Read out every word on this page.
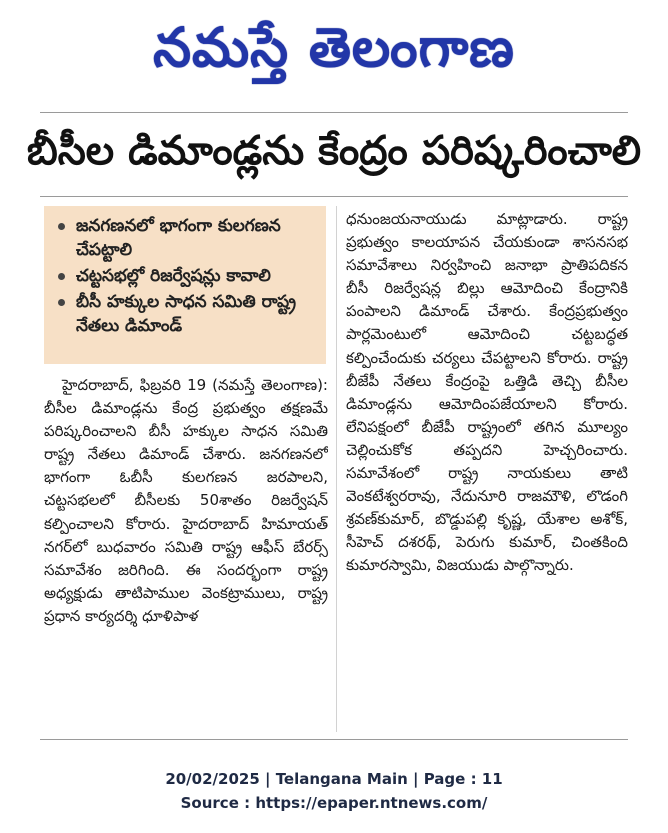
నమస్తే తెలంగాణ
బీసీల డిమాండ్లను కేంద్రం పరిష్కరించాలి
జనగణనలో భాగంగా కులగణన చేపట్టాలి
చట్టసభల్లో రిజర్వేషన్లు కావాలి
బీసీ హక్కుల సాధన సమితి రాష్ట్ర నేతలు డిమాండ్
హైదరాబాద్, ఫిబ్రవరి 19 (నమస్తే తెలంగాణ): బీసీల డిమాండ్లను కేంద్ర ప్రభుత్వం తక్షణమే పరిష్కరించాలని బీసీ హక్కుల సాధన సమితి రాష్ట్ర నేతలు డిమాండ్ చేశారు. జనగణనలో భాగంగా ఓబీసీ కులగణన జరపాలని, చట్టసభలలో బీసీలకు 50శాతం రిజర్వేషన్ కల్పించాలని కోరారు. హైదరాబాద్ హిమాయత్ నగర్‌లో బుధవారం సమితి రాష్ట్ర ఆఫీస్ బేరర్స్ సమావేశం జరిగింది. ఈ సందర్భంగా రాష్ట్ర అధ్యక్షుడు తాటిపాముల వెంకట్రాములు, రాష్ట్ర ప్రధాన కార్యదర్శి ధూళిపాళ
ధనుంజయనాయుడు మాట్లాడారు. రాష్ట్ర ప్రభుత్వం కాలయాపన చేయకుండా శాసనసభ సమావేశాలు నిర్వహించి జనాభా ప్రాతిపదికన బీసీ రిజర్వేషన్ల బిల్లు ఆమోదించి కేంద్రానికి పంపాలని డిమాండ్ చేశారు. కేంద్రప్రభుత్వం పార్లమెంటులో ఆమోదించి చట్టబద్ధత కల్పించేందుకు చర్యలు చేపట్టాలని కోరారు. రాష్ట్ర బీజేపీ నేతలు కేంద్రంపై ఒత్తిడి తెచ్చి బీసీల డిమాండ్లను ఆమోదింపజేయాలని కోరారు. లేనిపక్షంలో బీజేపీ రాష్ట్రంలో తగిన మూల్యం చెల్లించుకోక తప్పదని హెచ్చరించారు. సమావేశంలో రాష్ట్ర నాయకులు తాటి వెంకటేశ్వరరావు, నేదునూరి రాజమౌళి, లొడంగి శ్రవణ్‌కుమార్, బొడ్డుపల్లి కృష్ణ, యేశాల అశోక్, సీహెచ్ దశరథ్, పెరుగు కుమార్, చింతకింది కుమారస్వామి, విజయుడు పాల్గొన్నారు.
20/02/2025 | Telangana Main | Page : 11
Source : https://epaper.ntnews.com/
